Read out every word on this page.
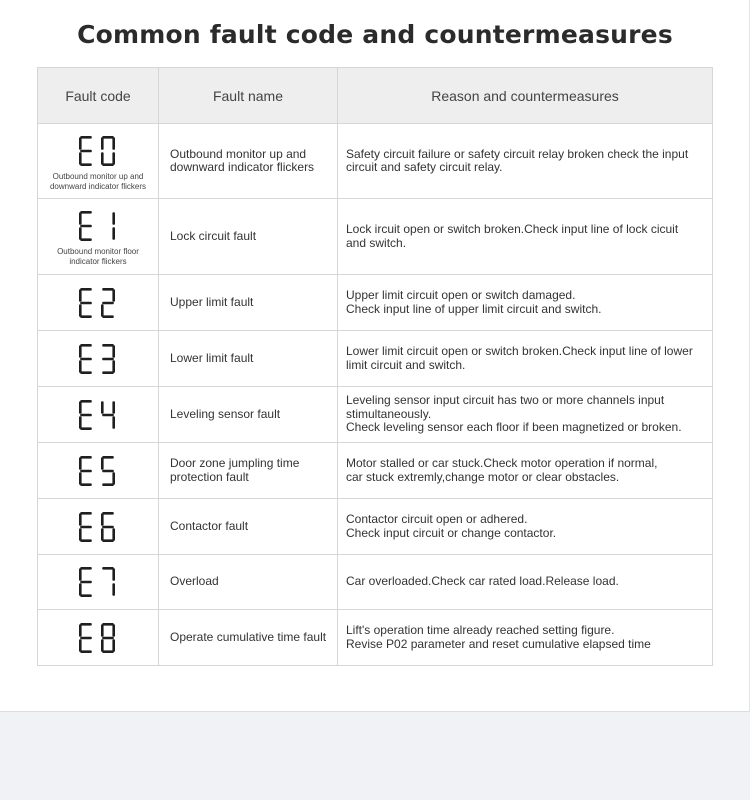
Common fault code and countermeasures
Fault code	Fault name	Reason and countermeasures

Outbound monitor up and downward indicator flickers	Outbound monitor up and downward indicator flickers	Safety circuit failure or safety circuit relay broken check the input circuit and safety circuit relay.

Outbound monitor floor indicator flickers	Lock circuit fault	Lock ircuit open or switch broken.Check input line of lock cicuit and switch.

	Upper limit fault	Upper limit circuit open or switch damaged.
Check input line of upper limit circuit and switch.

	Lower limit fault	Lower limit circuit open or switch broken.Check input line of lower limit circuit and switch.

	Leveling sensor fault	Leveling sensor input circuit has two or more channels input stimultaneously.
Check leveling sensor each floor if been magnetized or broken.

	Door zone jumpling time protection fault	Motor stalled or car stuck.Check motor operation if normal,
car stuck extremly,change motor or clear obstacles.

	Contactor fault	Contactor circuit open or adhered.
Check input circuit or change contactor.

	Overload	Car overloaded.Check car rated load.Release load.

	Operate cumulative time fault	Lift's operation time already reached setting figure.
Revise P02 parameter and reset cumulative elapsed time
